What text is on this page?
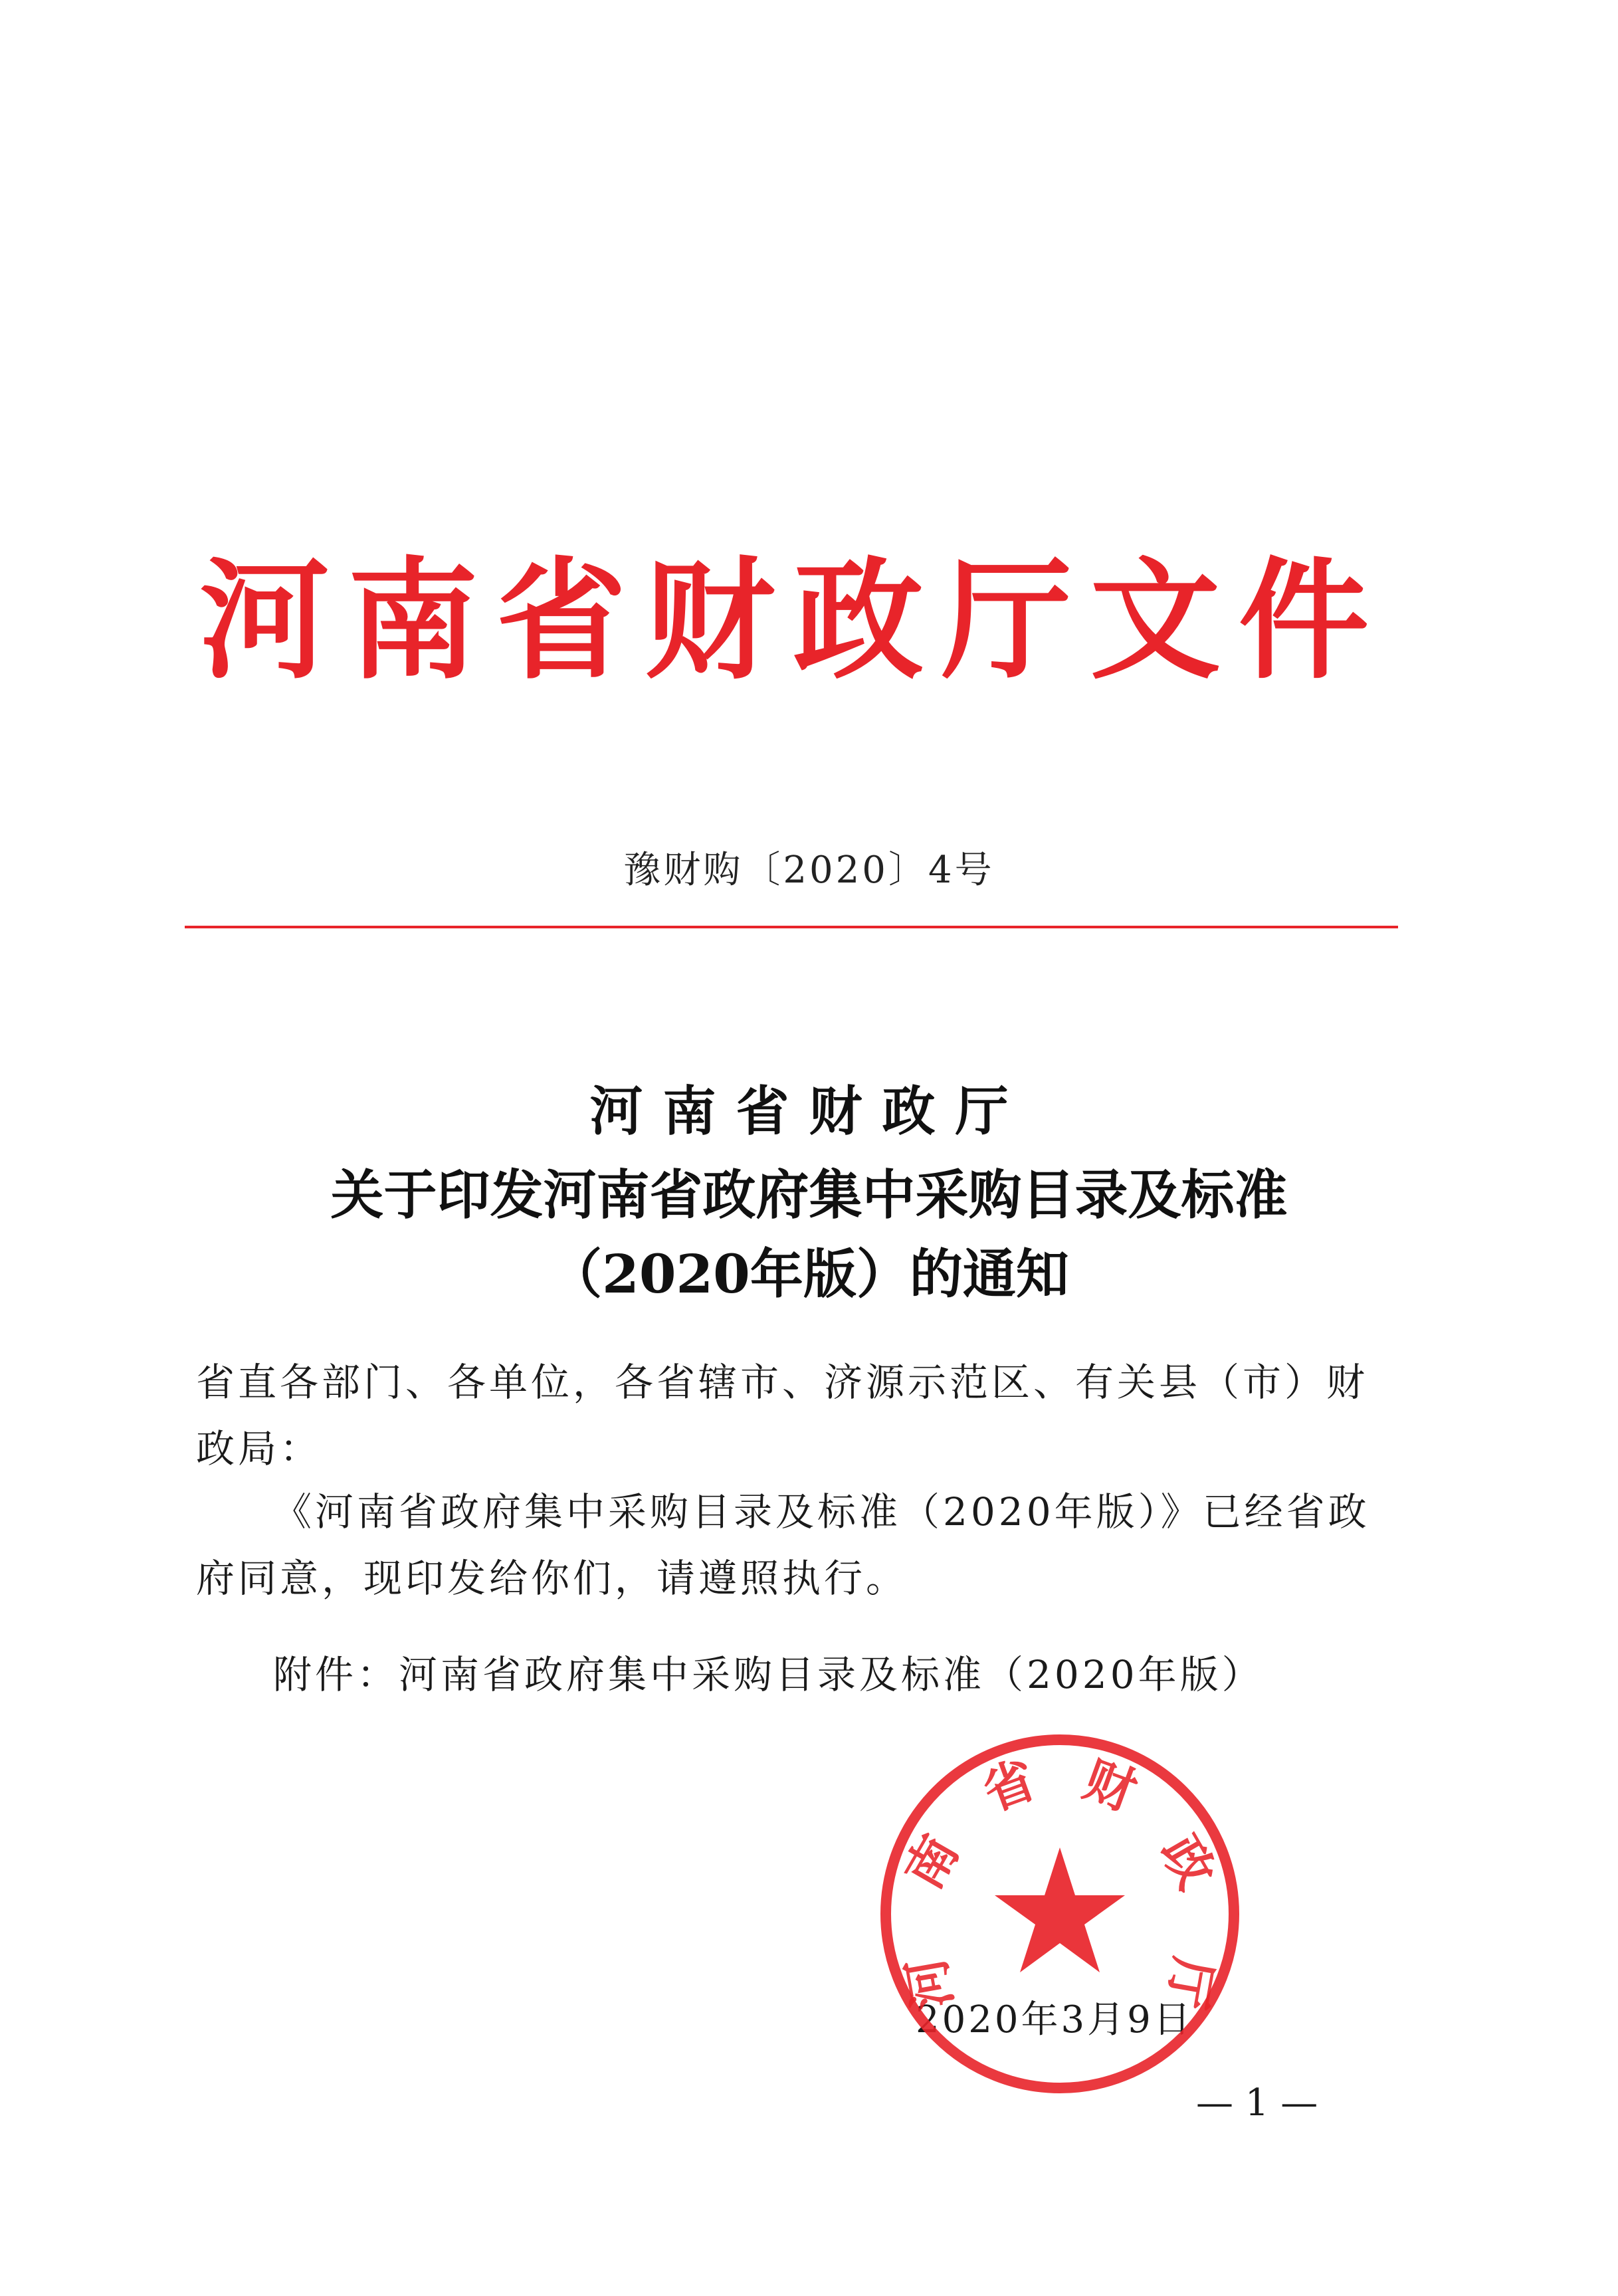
河南省财政厅文件
豫财购〔2020〕4号
河南省财政厅
关于印发河南省政府集中采购目录及标准
（2020年版）的通知
省直各部门、各单位，各省辖市、济源示范区、有关县（市）财政局：
《河南省政府集中采购目录及标准（2020年版）》已经省政府同意，现印发给你们，请遵照执行。
附件：河南省政府集中采购目录及标准（2020年版）
2020年3月9日
河
南
省 财
政
厅
— 1 —
